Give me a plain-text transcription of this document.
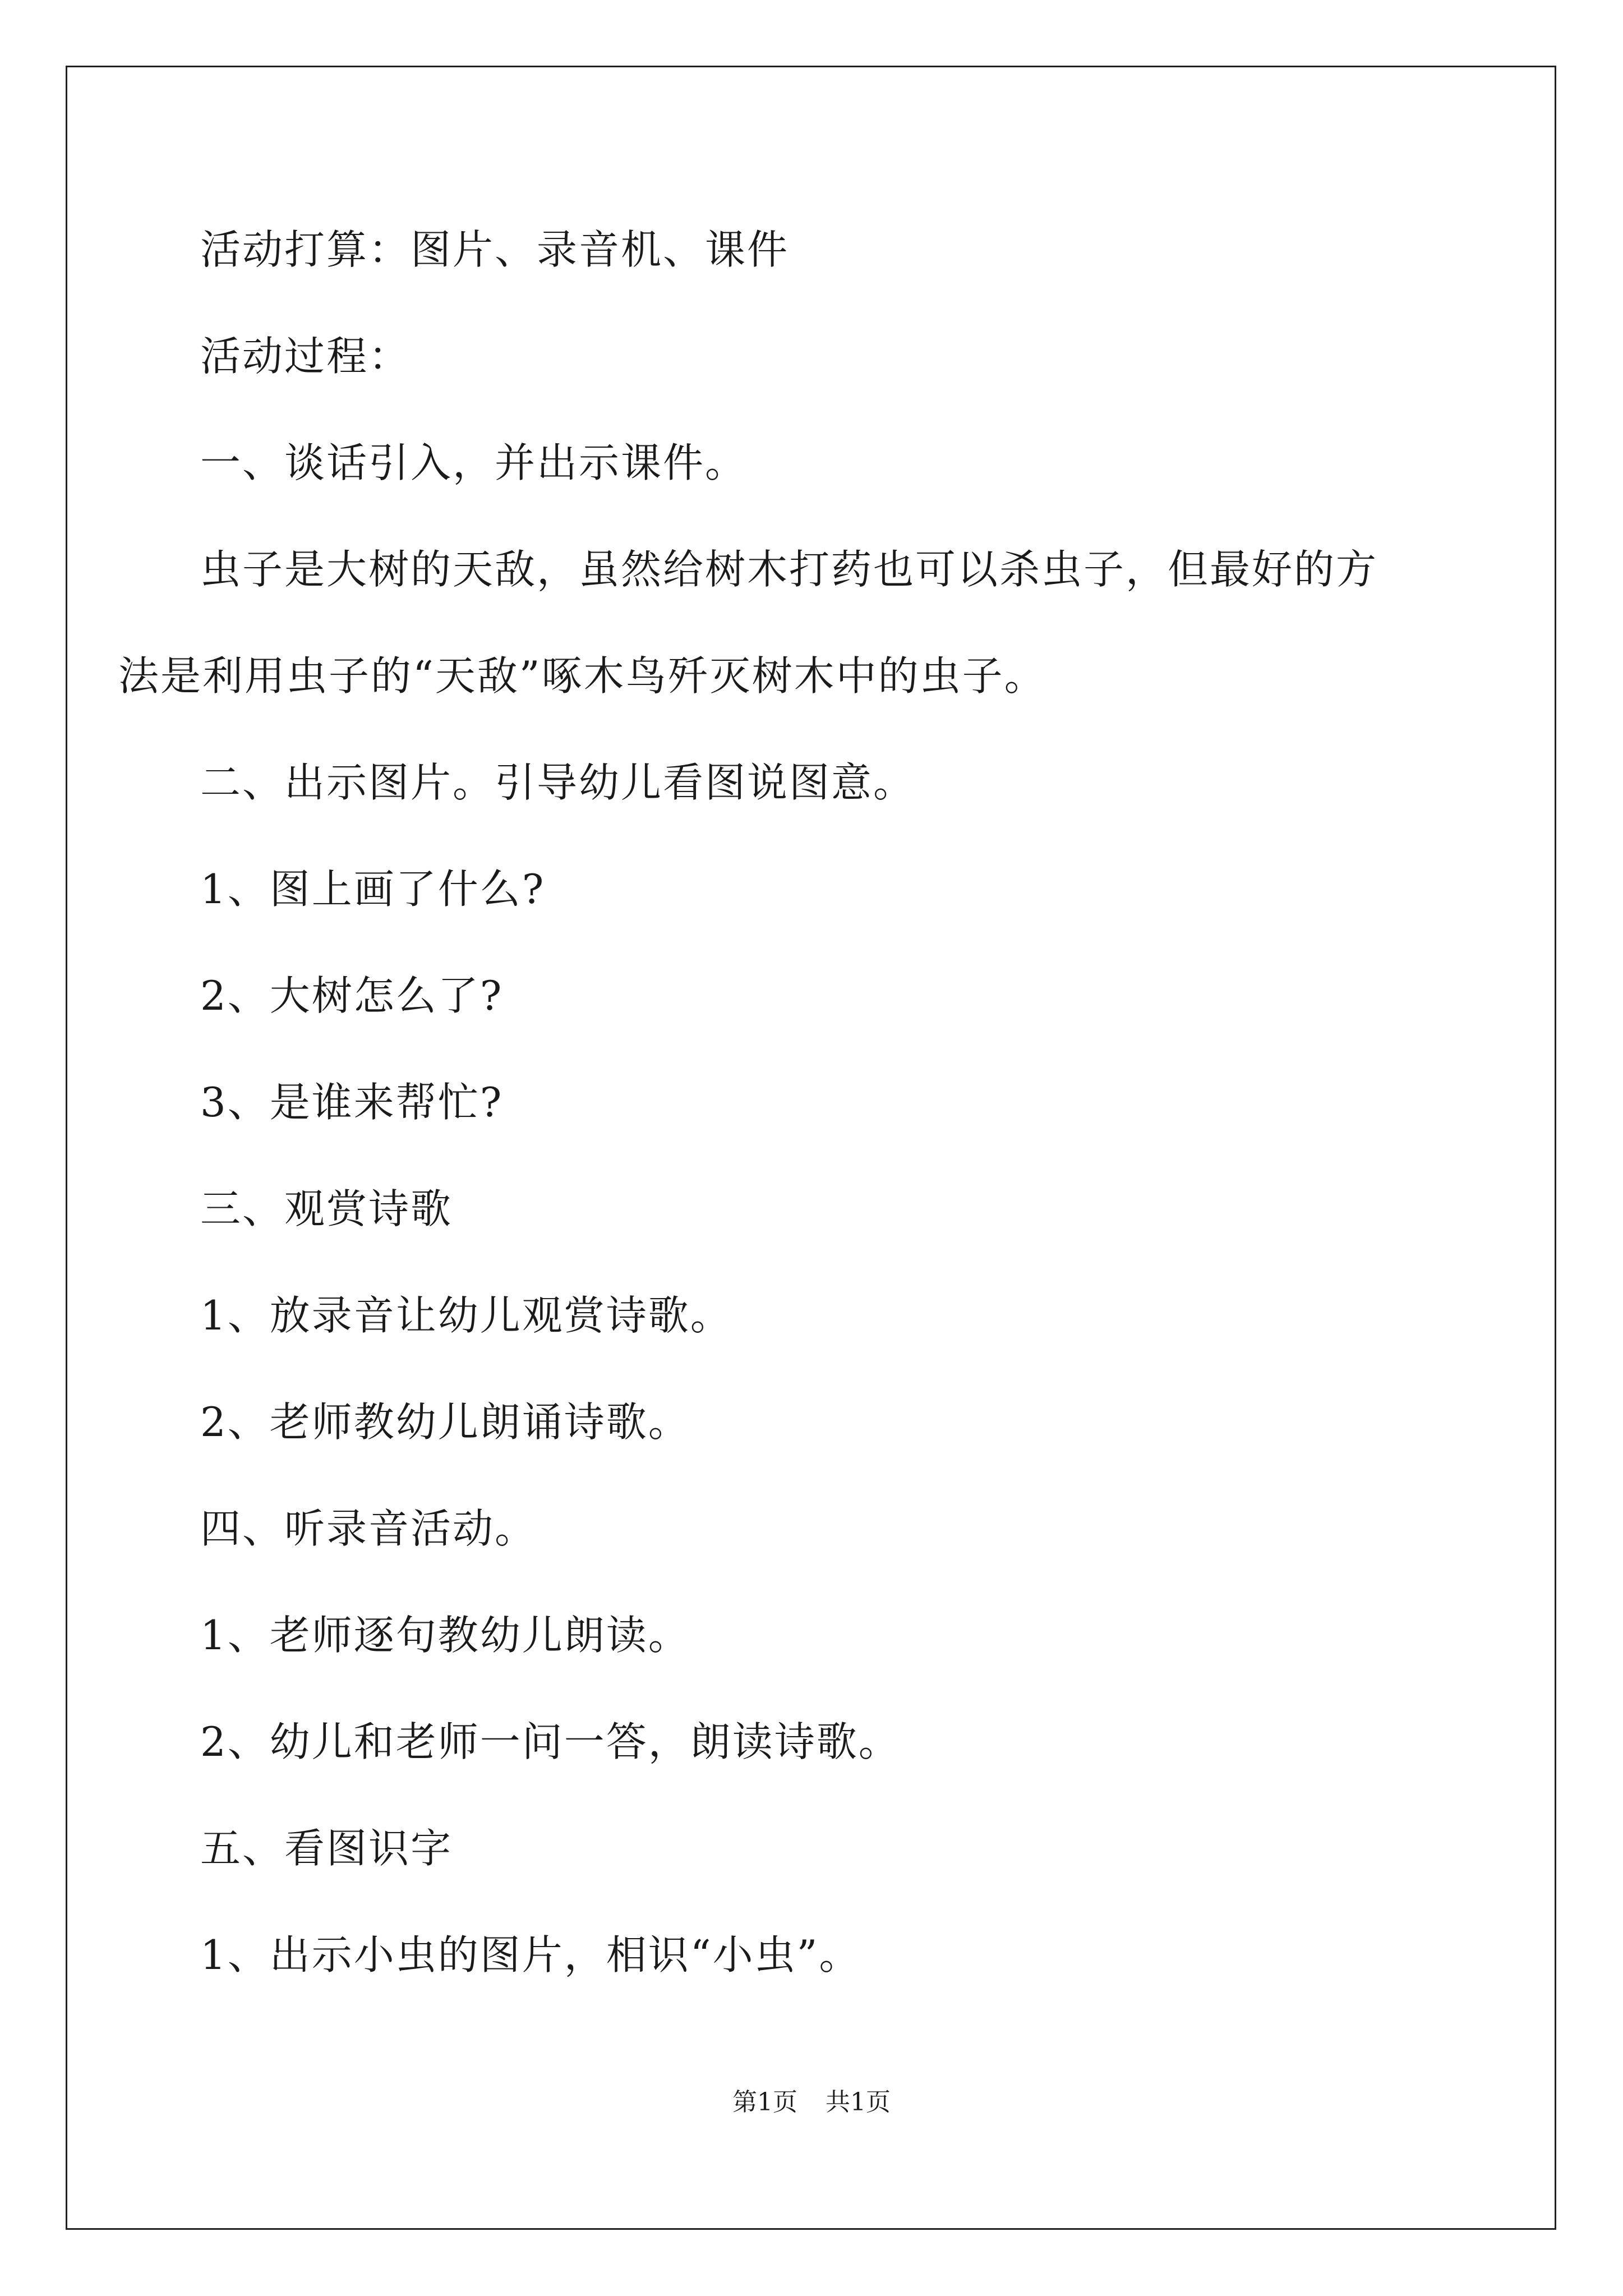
活动打算：图片、录音机、课件
活动过程：
一、谈话引入，并出示课件。
虫子是大树的天敌，虽然给树木打药也可以杀虫子，但最好的方
法是利用虫子的“天敌”啄木鸟歼灭树木中的虫子。
二、出示图片。引导幼儿看图说图意。
1、图上画了什么?
2、大树怎么了?
3、是谁来帮忙?
三、观赏诗歌
1、放录音让幼儿观赏诗歌。
2、老师教幼儿朗诵诗歌。
四、听录音活动。
1、老师逐句教幼儿朗读。
2、幼儿和老师一问一答，朗读诗歌。
五、看图识字
1、出示小虫的图片，相识“小虫”。
第1页 共1页
